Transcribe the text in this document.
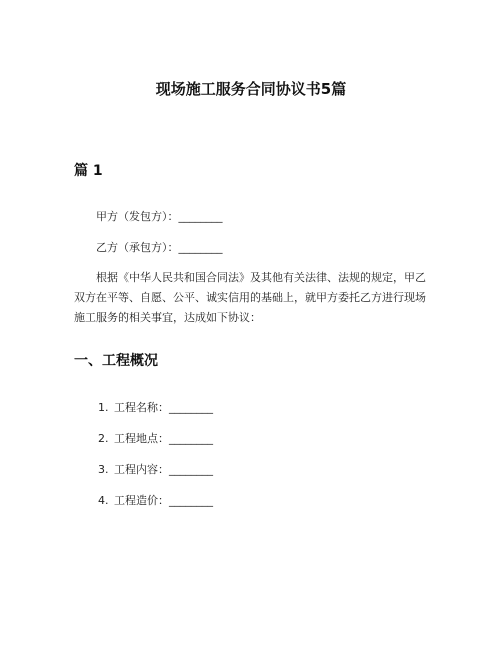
现场施工服务合同协议书5篇
篇 1

甲方（发包方）：________

乙方（承包方）：________

根据《中华人民共和国合同法》及其他有关法律、法规的规定，甲乙双方在平等、自愿、公平、诚实信用的基础上，就甲方委托乙方进行现场施工服务的相关事宜，达成如下协议：

一、工程概况
1. 工程名称：________
2. 工程地点：________
3. 工程内容：________
4. 工程造价：________
